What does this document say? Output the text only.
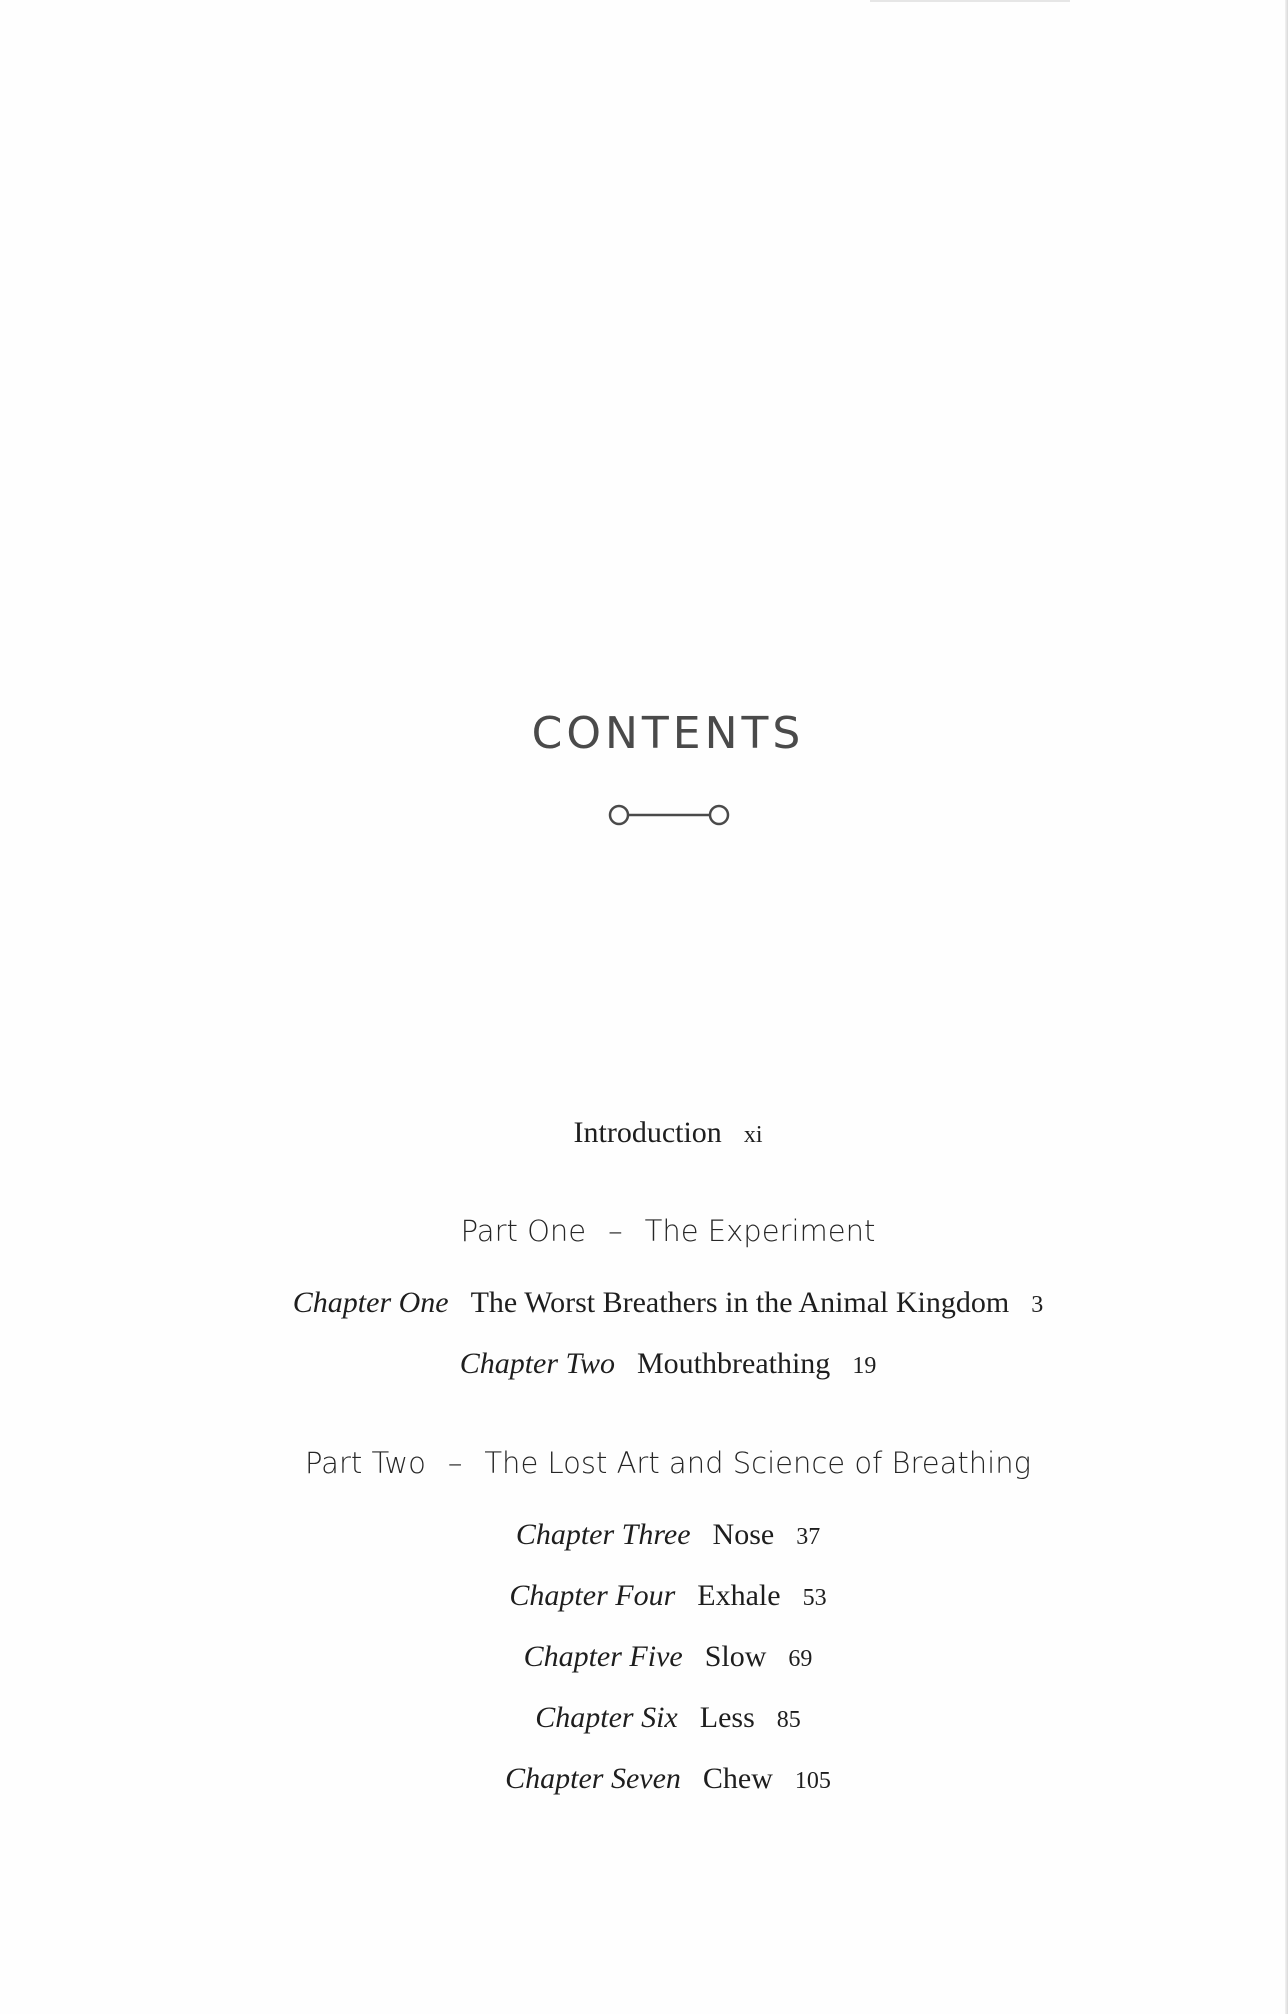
CONTENTS
Introduction xi
Part One – The Experiment
Chapter One The Worst Breathers in the Animal Kingdom 3
Chapter Two Mouthbreathing 19
Part Two – The Lost Art and Science of Breathing
Chapter Three Nose 37
Chapter Four Exhale 53
Chapter Five Slow 69
Chapter Six Less 85
Chapter Seven Chew 105
